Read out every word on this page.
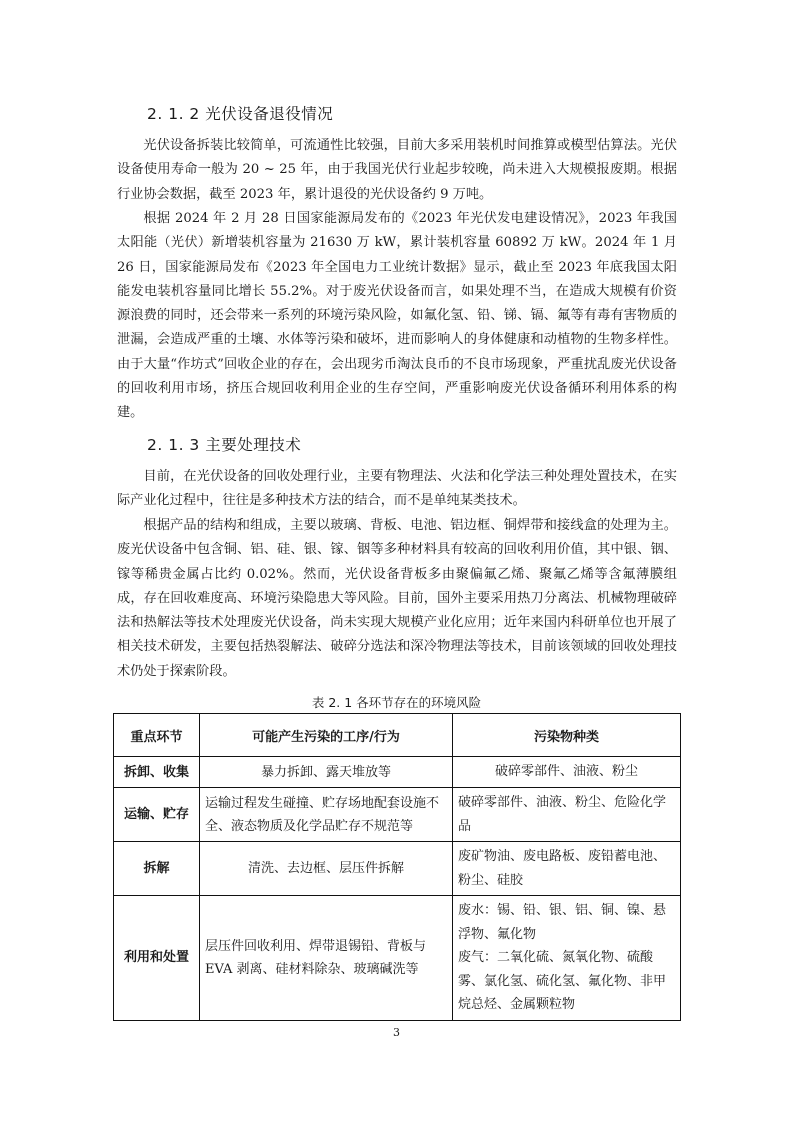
2. 1. 2 光伏设备退役情况

光伏设备拆装比较简单，可流通性比较强，目前大多采用装机时间推算或模型估算法。光伏设备使用寿命一般为 20 ~ 25 年，由于我国光伏行业起步较晚，尚未进入大规模报废期。根据行业协会数据，截至 2023 年，累计退役的光伏设备约 9 万吨。

根据 2024 年 2 月 28 日国家能源局发布的《2023 年光伏发电建设情况》，2023 年我国太阳能（光伏）新增装机容量为 21630 万 kW，累计装机容量 60892 万 kW。2024 年 1 月 26 日，国家能源局发布《2023 年全国电力工业统计数据》显示，截止至 2023 年底我国太阳能发电装机容量同比增长 55.2%。对于废光伏设备而言，如果处理不当，在造成大规模有价资源浪费的同时，还会带来一系列的环境污染风险，如氟化氢、铅、锑、镉、氟等有毒有害物质的泄漏，会造成严重的土壤、水体等污染和破坏，进而影响人的身体健康和动植物的生物多样性。由于大量“作坊式”回收企业的存在，会出现劣币淘汰良币的不良市场现象，严重扰乱废光伏设备的回收利用市场，挤压合规回收利用企业的生存空间，严重影响废光伏设备循环利用体系的构建。

2. 1. 3 主要处理技术

目前，在光伏设备的回收处理行业，主要有物理法、火法和化学法三种处理处置技术，在实际产业化过程中，往往是多种技术方法的结合，而不是单纯某类技术。

根据产品的结构和组成，主要以玻璃、背板、电池、铝边框、铜焊带和接线盒的处理为主。废光伏设备中包含铜、铝、硅、银、镓、铟等多种材料具有较高的回收利用价值，其中银、铟、镓等稀贵金属占比约 0.02%。然而，光伏设备背板多由聚偏氟乙烯、聚氟乙烯等含氟薄膜组成，存在回收难度高、环境污染隐患大等风险。目前，国外主要采用热刀分离法、机械物理破碎法和热解法等技术处理废光伏设备，尚未实现大规模产业化应用；近年来国内科研单位也开展了相关技术研发，主要包括热裂解法、破碎分选法和深冷物理法等技术，目前该领域的回收处理技术仍处于探索阶段。

表 2. 1 各环节存在的环境风险
重点环节	可能产生污染的工序/行为	污染物种类
拆卸、收集	暴力拆卸、露天堆放等	破碎零部件、油液、粉尘

运输、贮存	运输过程发生碰撞、贮存场地配套设施不全、液态物质及化学品贮存不规范等	破碎零部件、油液、粉尘、危险化学品

拆解	清洗、去边框、层压件拆解	废矿物油、废电路板、废铅蓄电池、粉尘、硅胶

利用和处置	层压件回收利用、焊带退锡铅、背板与 EVA 剥离、硅材料除杂、玻璃碱洗等	废水：锡、铅、银、铝、铜、镍、悬浮物、氟化物
废气：二氧化硫、氮氧化物、硫酸雾、氯化氢、硫化氢、氟化物、非甲烷总烃、金属颗粒物
3
